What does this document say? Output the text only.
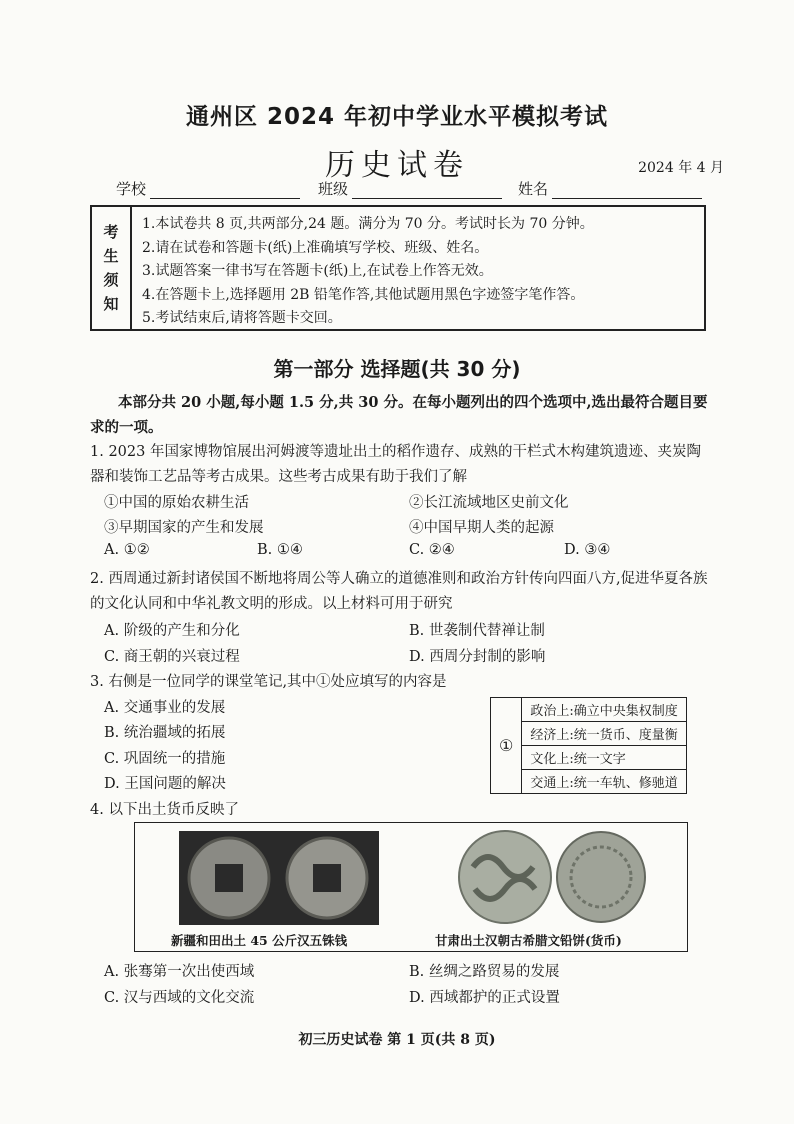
通州区 2024 年初中学业水平模拟考试
历史试卷	2024 年 4 月
学校	班级	姓名
考
生
须
知
1.本试卷共 8 页,共两部分,24 题。满分为 70 分。考试时长为 70 分钟。
2.请在试卷和答题卡(纸)上准确填写学校、班级、姓名。
3.试题答案一律书写在答题卡(纸)上,在试卷上作答无效。
4.在答题卡上,选择题用 2B 铅笔作答,其他试题用黑色字迹签字笔作答。
5.考试结束后,请将答题卡交回。
第一部分 选择题(共 30 分)
本部分共 20 小题,每小题 1.5 分,共 30 分。在每小题列出的四个选项中,选出最符合题目要求的一项。
1. 2023 年国家博物馆展出河姆渡等遗址出土的稻作遗存、成熟的干栏式木构建筑遗迹、夹炭陶器和装饰工艺品等考古成果。这些考古成果有助于我们了解
①中国的原始农耕生活	②长江流域地区史前文化
③早期国家的产生和发展	④中国早期人类的起源
A. ①②	B. ①④	C. ②④	D. ③④
2. 西周通过新封诸侯国不断地将周公等人确立的道德准则和政治方针传向四面八方,促进华夏各族的文化认同和中华礼教文明的形成。以上材料可用于研究
A. 阶级的产生和分化	B. 世袭制代替禅让制
C. 商王朝的兴衰过程	D. 西周分封制的影响
3. 右侧是一位同学的课堂笔记,其中①处应填写的内容是
A. 交通事业的发展
B. 统治疆域的拓展
C. 巩固统一的措施
D. 王国问题的解决
①	政治上:确立中央集权制度
经济上:统一货币、度量衡
文化上:统一文字
交通上:统一车轨、修驰道
4. 以下出土货币反映了
新疆和田出土 45 公斤汉五铢钱	甘肃出土汉朝古希腊文铅饼(货币)
A. 张骞第一次出使西域	B. 丝绸之路贸易的发展
C. 汉与西域的文化交流	D. 西域都护的正式设置
初三历史试卷 第 1 页(共 8 页)
